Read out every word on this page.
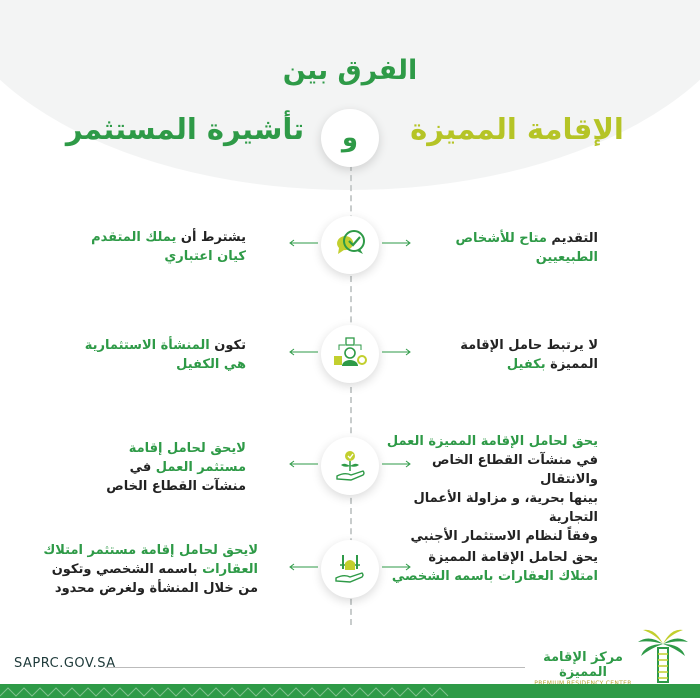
الفرق بين
تأشيرة المستثمر	الإقامة المميزة
و
يشترط أن يملك المتقدم
كيان اعتباري
التقديم متاح للأشخاص
الطبيعيين
تكون المنشأة الاستثمارية
هي الكفيل
لا يرتبط حامل الإقامة
المميزة بكفيل
لايحق لحامل إقامة
مستثمر العمل في
منشآت القطاع الخاص
يحق لحامل الإقامة المميزة العمل
في منشآت القطاع الخاص والانتقال
بينها بحرية، و مزاولة الأعمال التجارية
وفقاً لنظام الاستثمار الأجنبي
لايحق لحامل إقامة مستثمر امتلاك
العقارات باسمه الشخصي وتكون
من خلال المنشأة ولغرض محدود
يحق لحامل الإقامة المميزة
امتلاك العقارات باسمه الشخصي
SAPRC.GOV.SA	مركز الإقامة المميزة
